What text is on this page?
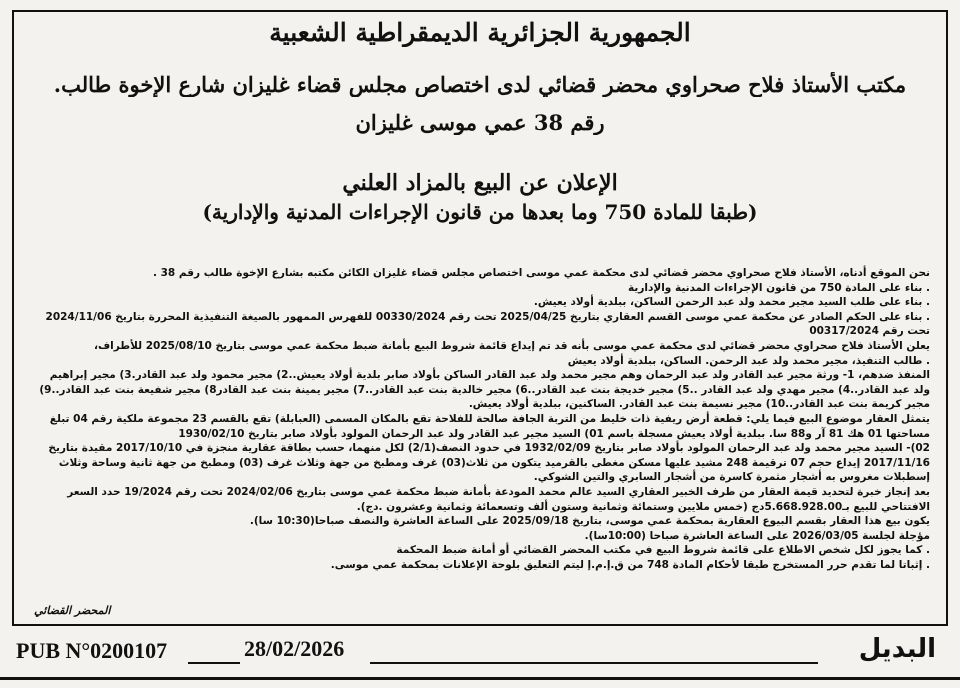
الجمهورية الجزائرية الديمقراطية الشعبية
مكتب الأستاذ فلاح صحراوي محضر قضائي لدى اختصاص مجلس قضاء غليزان شارع الإخوة طالب.
رقم 38 عمي موسى غليزان
الإعلان عن البيع بالمزاد العلني
(طبقا للمادة 750 وما بعدها من قانون الإجراءات المدنية والإدارية)

نحن الموقع أدناه، الأستاذ فلاح صحراوي محضر قضائي لدى محكمة عمي موسى اختصاص مجلس قضاء غليزان الكائن مكتبه بشارع الإخوة طالب رقم 38 .

. بناء على المادة 750 من قانون الإجراءات المدنية والإدارية

. بناء على طلب السيد مجير محمد ولد عبد الرحمن الساكن، ببلدية أولاد يعيش.

. بناء على الحكم الصادر عن محكمة عمي موسى القسم العقاري بتاريخ 2025/04/25 تحت رقم 00330/2024 للفهرس الممهور بالصيغة التنفيذية المحررة بتاريخ 2024/11/06 تحت رقم 00317/2024

يعلن الأستاذ فلاح صحراوي محضر قضائي لدى محكمة عمي موسى بأنه قد تم إيداع قائمة شروط البيع بأمانة ضبط محكمة عمي موسى بتاريخ 2025/08/10 للأطراف،

. طالب التنفيذ، مجير محمد ولد عبد الرحمن. الساكن، ببلدية أولاد يعيش

المنفذ ضدهم، 1- ورثة مجير عبد القادر ولد عبد الرحمان وهم مجير محمد ولد عبد القادر الساكن بأولاد صابر بلدية أولاد يعيش..2) مجير محمود ولد عبد القادر.3) مجير إبراهيم ولد عبد القادر..4) مجير مهدي ولد عبد القادر ..5) مجير خديجة بنت عبد القادر..6) مجير خالدية بنت عبد القادر..7) مجير يمينة بنت عبد القادر8) مجير شفيعة بنت عبد القادر..9) مجير كريمة بنت عبد القادر..10) مجير نسيمة بنت عبد القادر. الساكنين، ببلدية أولاد يعيش.

يتمثل العقار موضوع البيع فيما يلي: قطعة أرض ريفية ذات خليط من التربة الجافة صالحة للفلاحة تقع بالمكان المسمى (العبابلة) تقع بالقسم 23 مجموعة ملكية رقم 04 تبلغ مساحتها 01 هك 81 آر و88 سا. ببلدية أولاد يعيش مسجلة باسم 01) السيد مجير عبد القادر ولد عبد الرحمان المولود بأولاد صابر بتاريخ 1930/02/10

02)- السيد مجير محمد ولد عبد الرحمان المولود بأولاد صابر بتاريخ 1932/02/09 في حدود النصف(2/1) لكل منهما، حسب بطاقة عقارية منجزة في 2017/10/10 مقيدة بتاريخ 2017/11/16 إيداع حجم 07 ترقيمة 248 مشيد عليها مسكن مغطى بالقرميد يتكون من ثلاث(03) غرف ومطبخ من جهة وثلاث غرف (03) ومطبخ من جهة ثانية وساحة وثلاث إسطبلات مغروس به أشجار مثمرة كاسرة من أشجار السابري والتين الشوكي.

بعد إنجاز خبرة لتحديد قيمة العقار من طرف الخبير العقاري السيد عالم محمد المودعة بأمانة ضبط محكمة عمي موسى بتاريخ 2024/02/06 تحت رقم 19/2024 حدد السعر الافتتاحي للبيع بـ5.668.928.00دج (خمس ملايين وستمائة وثمانية وستون ألف وتسعمائة وثمانية وعشرون .دج).

يكون بيع هذا العقار بقسم البيوع العقارية بمحكمة عمي موسى، بتاريخ 2025/09/18 على الساعة العاشرة والنصف صباحا(10:30 سا).

مؤجلة لجلسة 2026/03/05 على الساعة العاشرة صباحا (10:00سا).

. كما يجوز لكل شخص الاطلاع على قائمة شروط البيع في مكتب المحضر القضائي أو أمانة ضبط المحكمة

. إثباتا لما تقدم حرر المستخرج طبقا لأحكام المادة 748 من ق.إ.م.إ ليتم التعليق بلوحة الإعلانات بمحكمة عمي موسى.

المحضر القضائي
PUB N°0200107	28/02/2026	البديل
